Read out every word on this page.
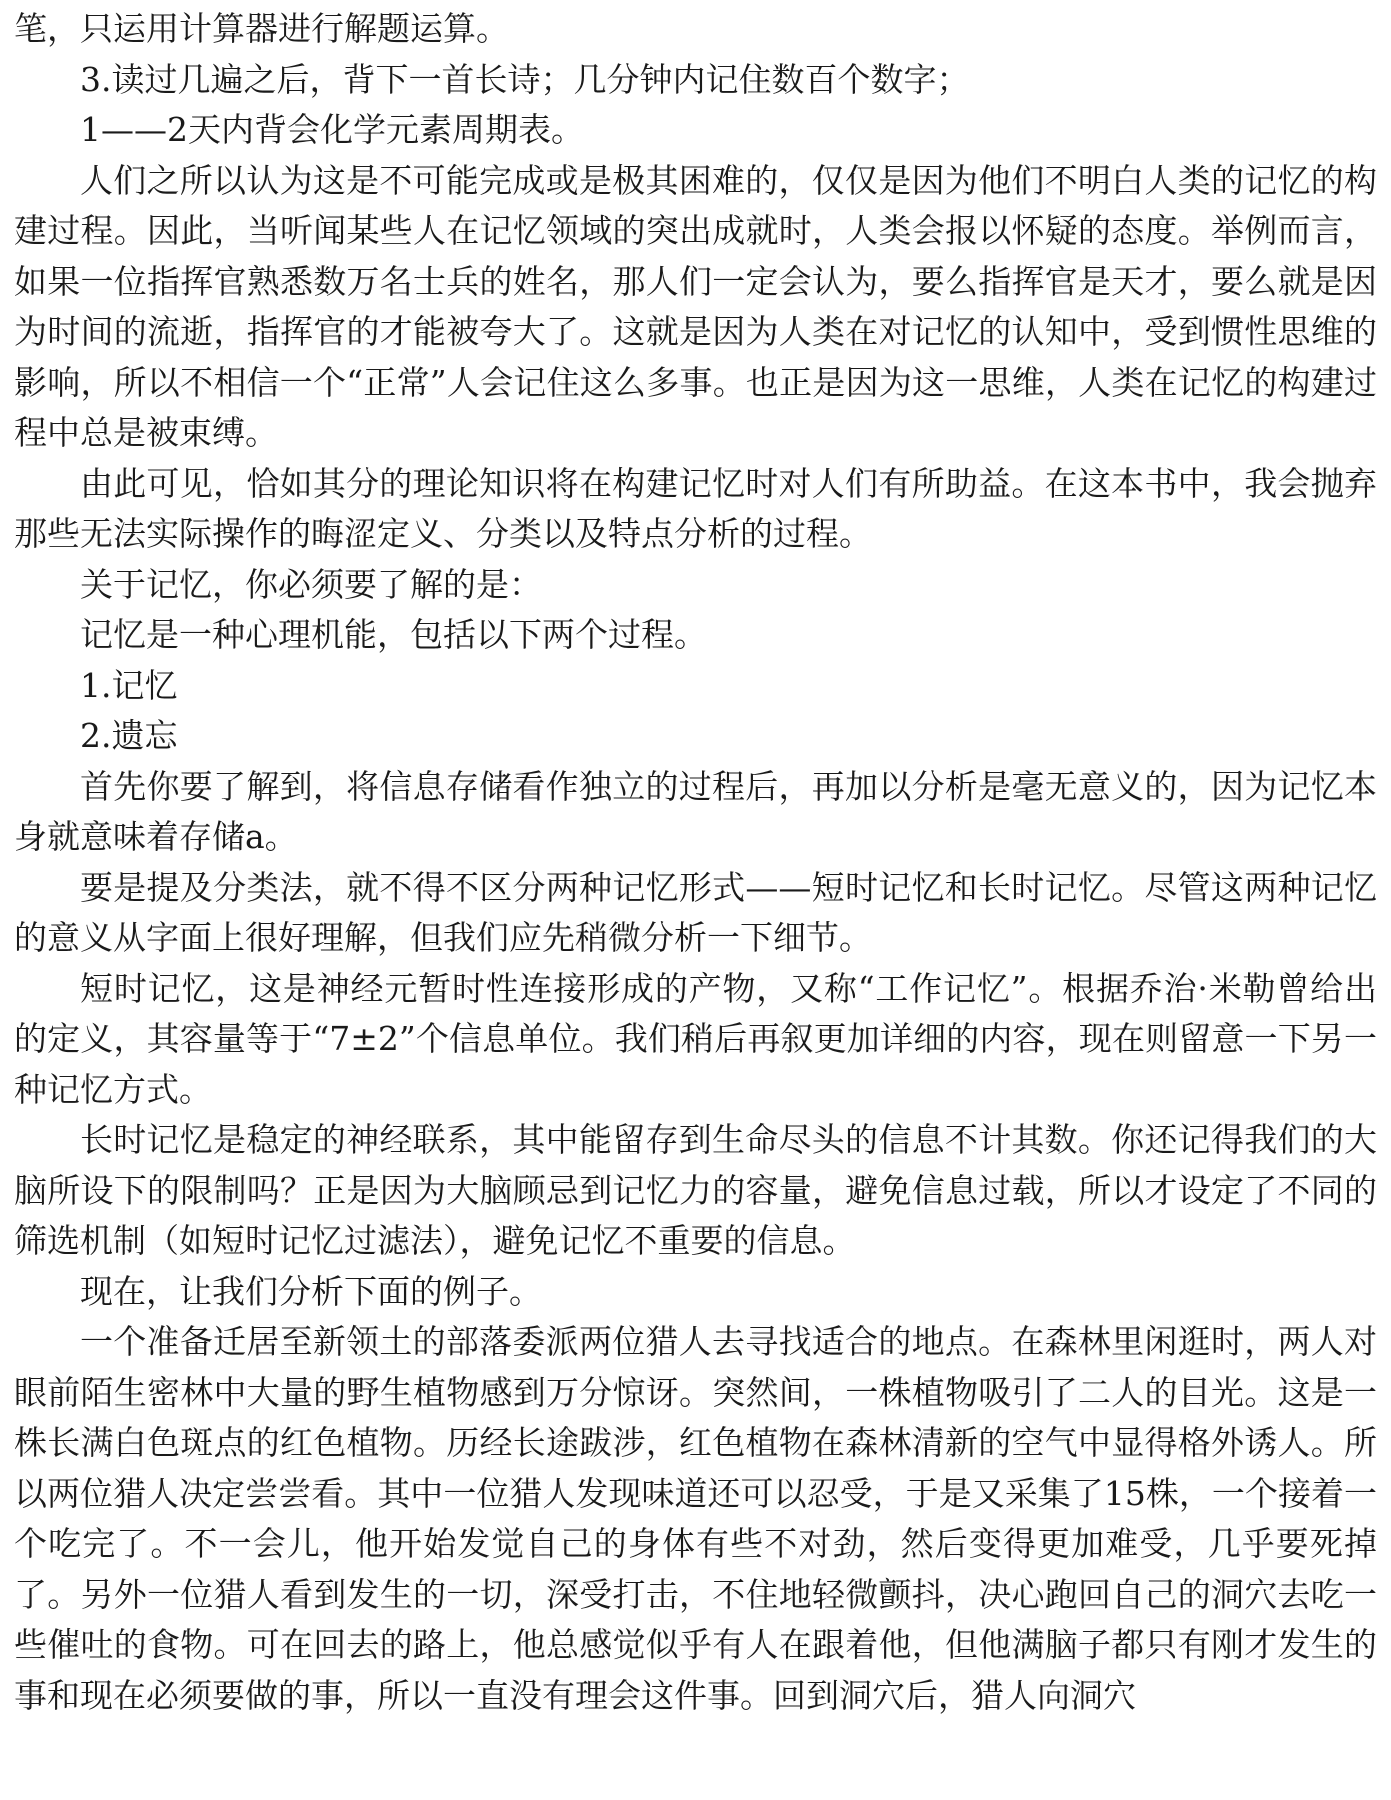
笔，只运用计算器进行解题运算。

3.读过几遍之后，背下一首长诗；几分钟内记住数百个数字；

1——2天内背会化学元素周期表。

人们之所以认为这是不可能完成或是极其困难的，仅仅是因为他们不明白人类的记忆的构建过程。因此，当听闻某些人在记忆领域的突出成就时，人类会报以怀疑的态度。举例而言，如果一位指挥官熟悉数万名士兵的姓名，那人们一定会认为，要么指挥官是天才，要么就是因为时间的流逝，指挥官的才能被夸大了。这就是因为人类在对记忆的认知中，受到惯性思维的影响，所以不相信一个“正常”人会记住这么多事。也正是因为这一思维，人类在记忆的构建过程中总是被束缚。

由此可见，恰如其分的理论知识将在构建记忆时对人们有所助益。在这本书中，我会抛弃那些无法实际操作的晦涩定义、分类以及特点分析的过程。

关于记忆，你必须要了解的是：

记忆是一种心理机能，包括以下两个过程。

1.记忆

2.遗忘

首先你要了解到，将信息存储看作独立的过程后，再加以分析是毫无意义的，因为记忆本身就意味着存储a。

要是提及分类法，就不得不区分两种记忆形式——短时记忆和长时记忆。尽管这两种记忆的意义从字面上很好理解，但我们应先稍微分析一下细节。

短时记忆，这是神经元暂时性连接形成的产物，又称“工作记忆”。根据乔治·米勒曾给出的定义，其容量等于“7±2”个信息单位。我们稍后再叙更加详细的内容，现在则留意一下另一种记忆方式。

长时记忆是稳定的神经联系，其中能留存到生命尽头的信息不计其数。你还记得我们的大脑所设下的限制吗？正是因为大脑顾忌到记忆力的容量，避免信息过载，所以才设定了不同的筛选机制（如短时记忆过滤法），避免记忆不重要的信息。

现在，让我们分析下面的例子。

一个准备迁居至新领土的部落委派两位猎人去寻找适合的地点。在森林里闲逛时，两人对眼前陌生密林中大量的野生植物感到万分惊讶。突然间，一株植物吸引了二人的目光。这是一株长满白色斑点的红色植物。历经长途跋涉，红色植物在森林清新的空气中显得格外诱人。所以两位猎人决定尝尝看。其中一位猎人发现味道还可以忍受，于是又采集了15株，一个接着一个吃完了。不一会儿，他开始发觉自己的身体有些不对劲，然后变得更加难受，几乎要死掉了。另外一位猎人看到发生的一切，深受打击，不住地轻微颤抖，决心跑回自己的洞穴去吃一些催吐的食物。可在回去的路上，他总感觉似乎有人在跟着他，但他满脑子都只有刚才发生的事和现在必须要做的事，所以一直没有理会这件事。回到洞穴后，猎人向洞穴
